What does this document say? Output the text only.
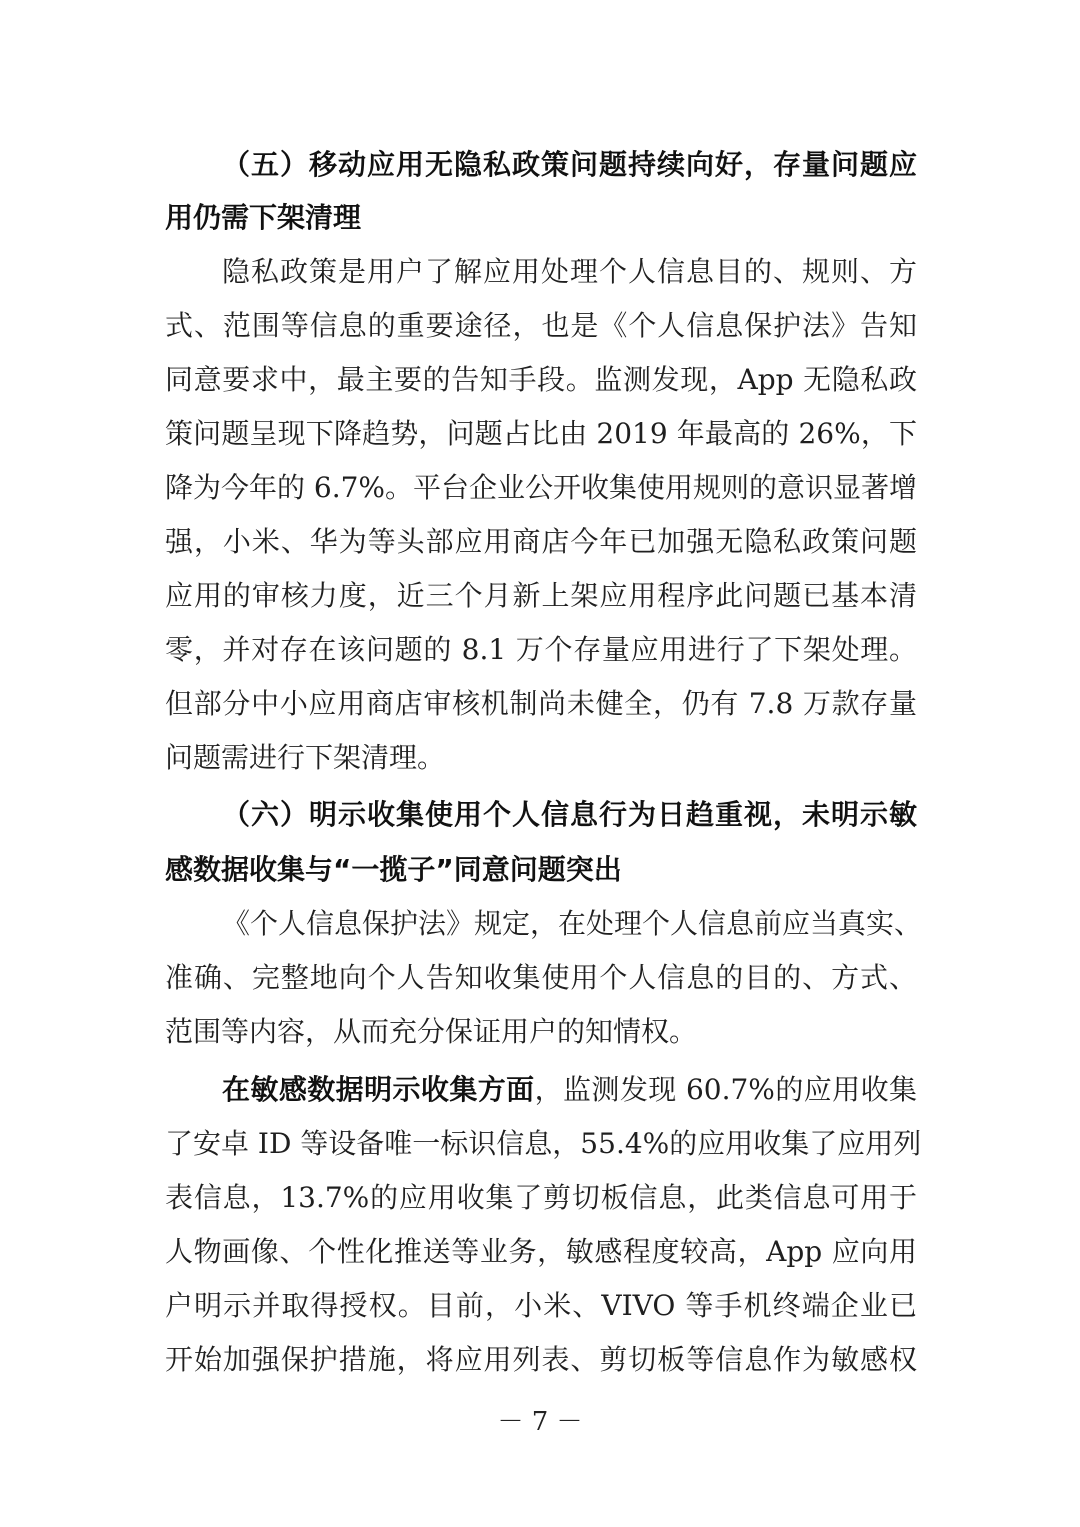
（五）移动应用无隐私政策问题持续向好，存量问题应
用仍需下架清理
隐私政策是用户了解应用处理个人信息目的、规则、方
式、范围等信息的重要途径，也是《个人信息保护法》告知
同意要求中，最主要的告知手段。监测发现，App 无隐私政
策问题呈现下降趋势，问题占比由 2019 年最高的 26%，下
降为今年的 6.7%。平台企业公开收集使用规则的意识显著增
强，小米、华为等头部应用商店今年已加强无隐私政策问题
应用的审核力度，近三个月新上架应用程序此问题已基本清
零，并对存在该问题的 8.1 万个存量应用进行了下架处理。
但部分中小应用商店审核机制尚未健全，仍有 7.8 万款存量
问题需进行下架清理。
（六）明示收集使用个人信息行为日趋重视，未明示敏
感数据收集与“一揽子”同意问题突出
《个人信息保护法》规定，在处理个人信息前应当真实、
准确、完整地向个人告知收集使用个人信息的目的、方式、
范围等内容，从而充分保证用户的知情权。
在敏感数据明示收集方面，监测发现 60.7%的应用收集
了安卓 ID 等设备唯一标识信息，55.4%的应用收集了应用列
表信息，13.7%的应用收集了剪切板信息，此类信息可用于
人物画像、个性化推送等业务，敏感程度较高，App 应向用
户明示并取得授权。目前，小米、VIVO 等手机终端企业已
开始加强保护措施，将应用列表、剪切板等信息作为敏感权
－ 7 －
